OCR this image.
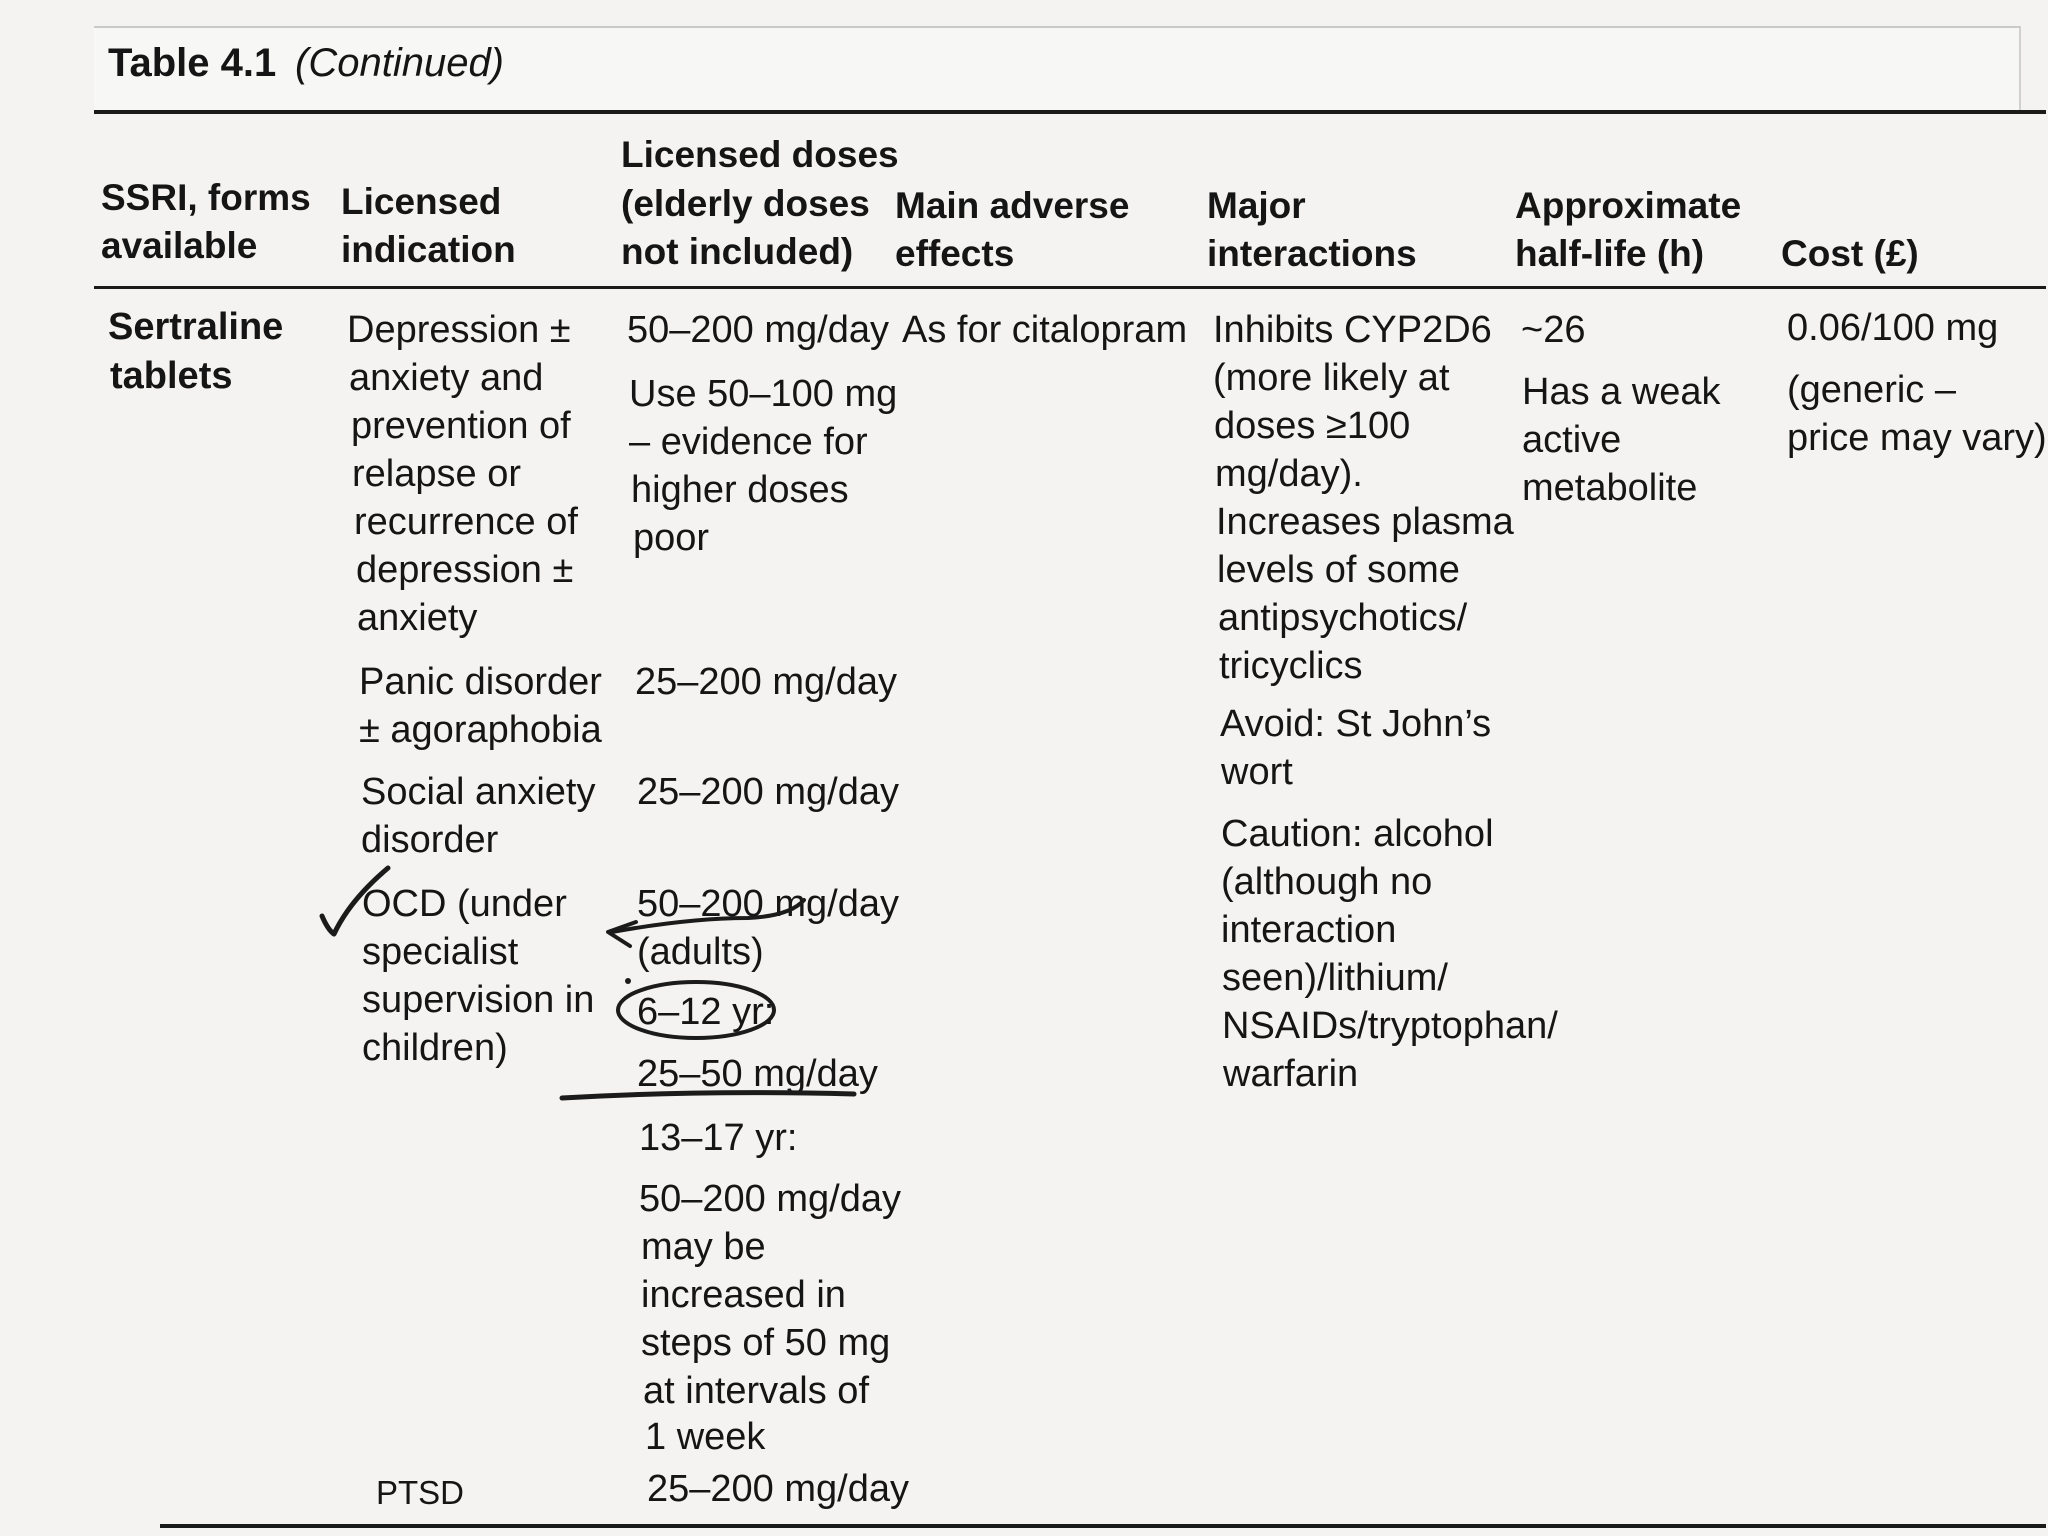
Table 4.1 (Continued)
SSRI, forms
available
Licensed
indication
Licensed doses
(elderly doses
not included)
Main adverse
effects
Major
interactions
Approximate
half-life (h) Cost (£)
Sertraline
tablets
Depression ±
anxiety and
prevention of
relapse or
recurrence of
depression ±
anxiety
Panic disorder
± agoraphobia
Social anxiety
disorder
OCD (under
specialist
supervision in
children)
PTSD
50–200 mg/day
Use 50–100 mg
– evidence for
higher doses
poor
25–200 mg/day
25–200 mg/day
50–200 mg/day
(adults)
6–12 yr:
25–50 mg/day
13–17 yr:
50–200 mg/day
may be
increased in
steps of 50 mg
at intervals of
1 week
25–200 mg/day
As for citalopram Inhibits CYP2D6
(more likely at
doses ≥100
mg/day).
Increases plasma
levels of some
antipsychotics/
tricyclics
Avoid: St John’s
wort
Caution: alcohol
(although no
interaction
seen)/lithium/
NSAIDs/tryptophan/
warfarin
~26
Has a weak
active
metabolite
0.06/100 mg
(generic –
price may vary)
